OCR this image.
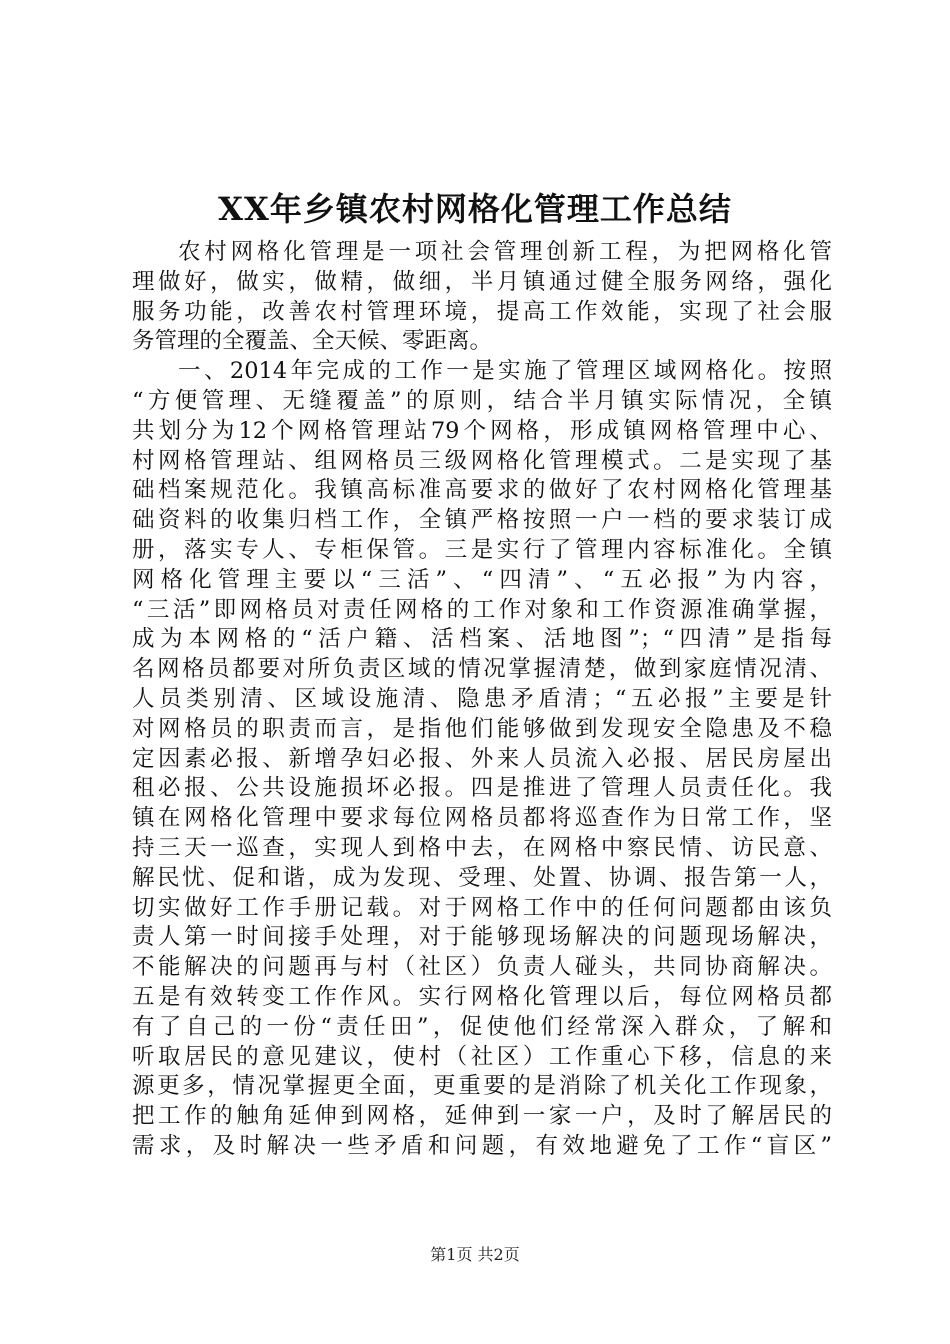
XX年乡镇农村网格化管理工作总结
农村网格化管理是一项社会管理创新工程，为把网格化管
理做好，做实，做精，做细，半月镇通过健全服务网络，强化
服务功能，改善农村管理环境，提高工作效能，实现了社会服
务管理的全覆盖、全天候、零距离。
一、2014年完成的工作一是实施了管理区域网格化。按照
“方便管理、无缝覆盖”的原则，结合半月镇实际情况，全镇
共划分为12个网格管理站79个网格，形成镇网格管理中心、
村网格管理站、组网格员三级网格化管理模式。二是实现了基
础档案规范化。我镇高标准高要求的做好了农村网格化管理基
础资料的收集归档工作，全镇严格按照一户一档的要求装订成
册，落实专人、专柜保管。三是实行了管理内容标准化。全镇
网格化管理主要以“三活”、“四清”、“五必报”为内容，
“三活”即网格员对责任网格的工作对象和工作资源准确掌握，
成为本网格的“活户籍、活档案、活地图”；“四清”是指每
名网格员都要对所负责区域的情况掌握清楚，做到家庭情况清、
人员类别清、区域设施清、隐患矛盾清；“五必报”主要是针
对网格员的职责而言，是指他们能够做到发现安全隐患及不稳
定因素必报、新增孕妇必报、外来人员流入必报、居民房屋出
租必报、公共设施损坏必报。四是推进了管理人员责任化。我
镇在网格化管理中要求每位网格员都将巡查作为日常工作，坚
持三天一巡查，实现人到格中去，在网格中察民情、访民意、
解民忧、促和谐，成为发现、受理、处置、协调、报告第一人，
切实做好工作手册记载。对于网格工作中的任何问题都由该负
责人第一时间接手处理，对于能够现场解决的问题现场解决，
不能解决的问题再与村（社区）负责人碰头，共同协商解决。
五是有效转变工作作风。实行网格化管理以后，每位网格员都
有了自己的一份“责任田”，促使他们经常深入群众，了解和
听取居民的意见建议，使村（社区）工作重心下移，信息的来
源更多，情况掌握更全面，更重要的是消除了机关化工作现象，
把工作的触角延伸到网格，延伸到一家一户，及时了解居民的
需求，及时解决一些矛盾和问题，有效地避免了工作“盲区”
第1页 共2页
